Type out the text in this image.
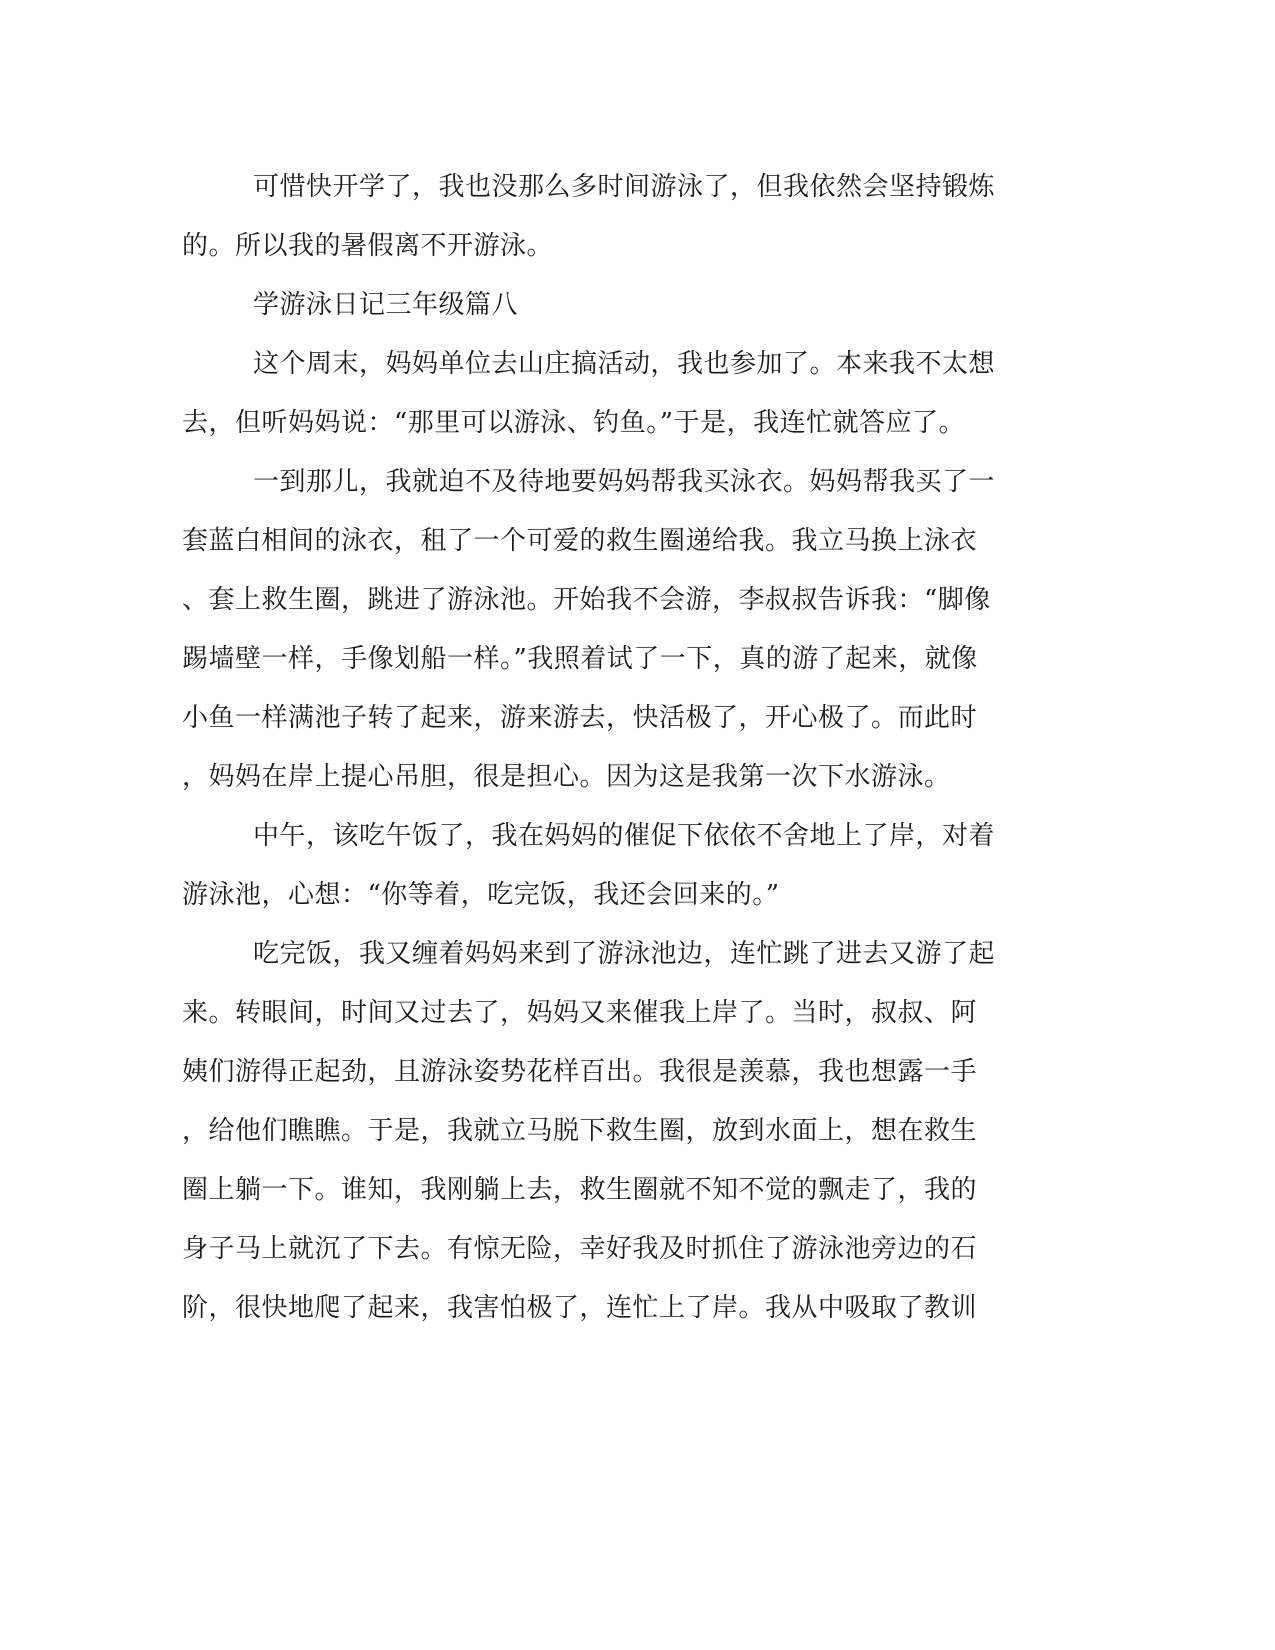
可惜快开学了，我也没那么多时间游泳了，但我依然会坚持锻炼
的。所以我的暑假离不开游泳。
学游泳日记三年级篇八
这个周末，妈妈单位去山庄搞活动，我也参加了。本来我不太想
去，但听妈妈说：“那里可以游泳、钓鱼。”于是，我连忙就答应了。
一到那儿，我就迫不及待地要妈妈帮我买泳衣。妈妈帮我买了一
套蓝白相间的泳衣，租了一个可爱的救生圈递给我。我立马换上泳衣
、套上救生圈，跳进了游泳池。开始我不会游，李叔叔告诉我：“脚像
踢墙壁一样，手像划船一样。”我照着试了一下，真的游了起来，就像
小鱼一样满池子转了起来，游来游去，快活极了，开心极了。而此时
，妈妈在岸上提心吊胆，很是担心。因为这是我第一次下水游泳。
中午，该吃午饭了，我在妈妈的催促下依依不舍地上了岸，对着
游泳池，心想：“你等着，吃完饭，我还会回来的。”
吃完饭，我又缠着妈妈来到了游泳池边，连忙跳了进去又游了起
来。转眼间，时间又过去了，妈妈又来催我上岸了。当时，叔叔、阿
姨们游得正起劲，且游泳姿势花样百出。我很是羡慕，我也想露一手
，给他们瞧瞧。于是，我就立马脱下救生圈，放到水面上，想在救生
圈上躺一下。谁知，我刚躺上去，救生圈就不知不觉的飘走了，我的
身子马上就沉了下去。有惊无险，幸好我及时抓住了游泳池旁边的石
阶，很快地爬了起来，我害怕极了，连忙上了岸。我从中吸取了教训
